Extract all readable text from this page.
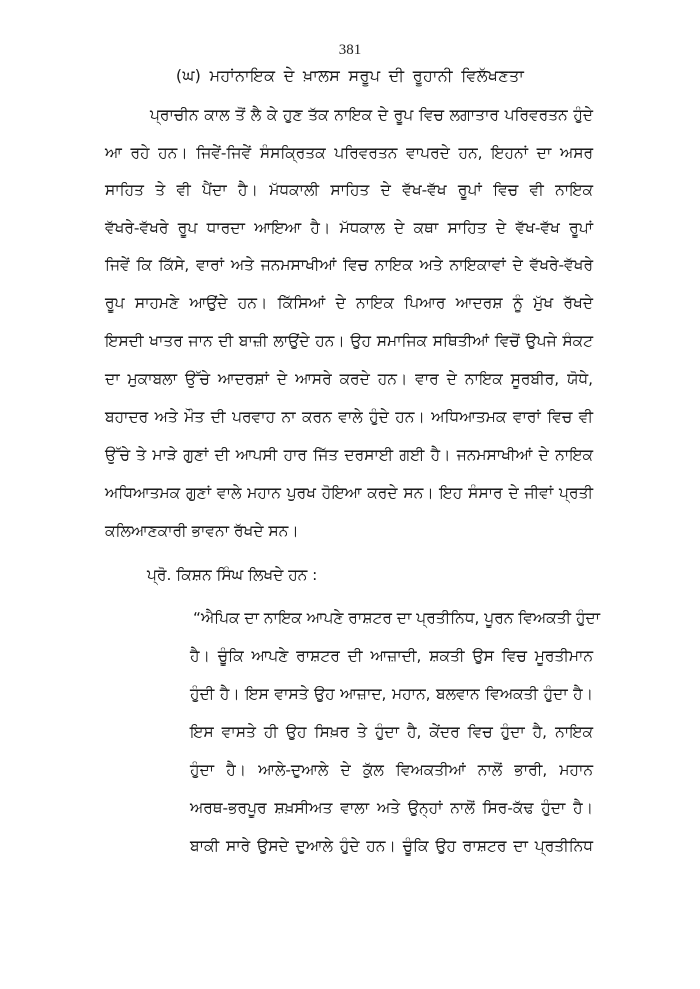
381
(ਘ) ਮਹਾਂਨਾਇਕ ਦੇ ਖ਼ਾਲਸ ਸਰੂਪ ਦੀ ਰੂਹਾਨੀ ਵਿਲੱਖਣਤਾ
ਪ੍ਰਾਚੀਨ ਕਾਲ ਤੋਂ ਲੈ ਕੇ ਹੁਣ ਤੱਕ ਨਾਇਕ ਦੇ ਰੂਪ ਵਿਚ ਲਗਾਤਾਰ ਪਰਿਵਰਤਨ ਹੁੰਦੇ
ਆ ਰਹੇ ਹਨ। ਜਿਵੇਂ-ਜਿਵੇਂ ਸੰਸਕ੍ਰਿਤਕ ਪਰਿਵਰਤਨ ਵਾਪਰਦੇ ਹਨ, ਇਹਨਾਂ ਦਾ ਅਸਰ
ਸਾਹਿਤ ਤੇ ਵੀ ਪੈਂਦਾ ਹੈ। ਮੱਧਕਾਲੀ ਸਾਹਿਤ ਦੇ ਵੱਖ-ਵੱਖ ਰੂਪਾਂ ਵਿਚ ਵੀ ਨਾਇਕ
ਵੱਖਰੇ-ਵੱਖਰੇ ਰੂਪ ਧਾਰਦਾ ਆਇਆ ਹੈ। ਮੱਧਕਾਲ ਦੇ ਕਥਾ ਸਾਹਿਤ ਦੇ ਵੱਖ-ਵੱਖ ਰੂਪਾਂ
ਜਿਵੇਂ ਕਿ ਕਿੱਸੇ, ਵਾਰਾਂ ਅਤੇ ਜਨਮਸਾਖੀਆਂ ਵਿਚ ਨਾਇਕ ਅਤੇ ਨਾਇਕਾਵਾਂ ਦੇ ਵੱਖਰੇ-ਵੱਖਰੇ
ਰੂਪ ਸਾਹਮਣੇ ਆਉਂਦੇ ਹਨ। ਕਿੱਸਿਆਂ ਦੇ ਨਾਇਕ ਪਿਆਰ ਆਦਰਸ਼ ਨੂੰ ਮੁੱਖ ਰੱਖਦੇ
ਇਸਦੀ ਖਾਤਰ ਜਾਨ ਦੀ ਬਾਜ਼ੀ ਲਾਉਂਦੇ ਹਨ। ਉਹ ਸਮਾਜਿਕ ਸਥਿਤੀਆਂ ਵਿਚੋਂ ਉਪਜੇ ਸੰਕਟ
ਦਾ ਮੁਕਾਬਲਾ ਉੱਚੇ ਆਦਰਸ਼ਾਂ ਦੇ ਆਸਰੇ ਕਰਦੇ ਹਨ। ਵਾਰ ਦੇ ਨਾਇਕ ਸੂਰਬੀਰ, ਯੋਧੇ,
ਬਹਾਦਰ ਅਤੇ ਮੌਤ ਦੀ ਪਰਵਾਹ ਨਾ ਕਰਨ ਵਾਲੇ ਹੁੰਦੇ ਹਨ। ਅਧਿਆਤਮਕ ਵਾਰਾਂ ਵਿਚ ਵੀ
ਉੱਚੇ ਤੇ ਮਾੜੇ ਗੁਣਾਂ ਦੀ ਆਪਸੀ ਹਾਰ ਜਿੱਤ ਦਰਸਾਈ ਗਈ ਹੈ। ਜਨਮਸਾਖੀਆਂ ਦੇ ਨਾਇਕ
ਅਧਿਆਤਮਕ ਗੁਣਾਂ ਵਾਲੇ ਮਹਾਨ ਪੁਰਖ ਹੋਇਆ ਕਰਦੇ ਸਨ। ਇਹ ਸੰਸਾਰ ਦੇ ਜੀਵਾਂ ਪ੍ਰਤੀ
ਕਲਿਆਣਕਾਰੀ ਭਾਵਨਾ ਰੱਖਦੇ ਸਨ।
ਪ੍ਰੋ. ਕਿਸ਼ਨ ਸਿੰਘ ਲਿਖਦੇ ਹਨ :
“ਐਪਿਕ ਦਾ ਨਾਇਕ ਆਪਣੇ ਰਾਸ਼ਟਰ ਦਾ ਪ੍ਰਤੀਨਿਧ, ਪੂਰਨ ਵਿਅਕਤੀ ਹੁੰਦਾ
ਹੈ। ਚੂੰਕਿ ਆਪਣੇ ਰਾਸ਼ਟਰ ਦੀ ਆਜ਼ਾਦੀ, ਸ਼ਕਤੀ ਉਸ ਵਿਚ ਮੂਰਤੀਮਾਨ
ਹੁੰਦੀ ਹੈ। ਇਸ ਵਾਸਤੇ ਉਹ ਆਜ਼ਾਦ, ਮਹਾਨ, ਬਲਵਾਨ ਵਿਅਕਤੀ ਹੁੰਦਾ ਹੈ।
ਇਸ ਵਾਸਤੇ ਹੀ ਉਹ ਸਿਖ਼ਰ ਤੇ ਹੁੰਦਾ ਹੈ, ਕੇਂਦਰ ਵਿਚ ਹੁੰਦਾ ਹੈ, ਨਾਇਕ
ਹੁੰਦਾ ਹੈ। ਆਲੇ-ਦੁਆਲੇ ਦੇ ਕੁੱਲ ਵਿਅਕਤੀਆਂ ਨਾਲੋਂ ਭਾਰੀ, ਮਹਾਨ
ਅਰਥ-ਭਰਪੂਰ ਸ਼ਖ਼ਸੀਅਤ ਵਾਲਾ ਅਤੇ ਉਨ੍ਹਾਂ ਨਾਲੋਂ ਸਿਰ-ਕੱਢ ਹੁੰਦਾ ਹੈ।
ਬਾਕੀ ਸਾਰੇ ਉਸਦੇ ਦੁਆਲੇ ਹੁੰਦੇ ਹਨ। ਚੂੰਕਿ ਉਹ ਰਾਸ਼ਟਰ ਦਾ ਪ੍ਰਤੀਨਿਧ
